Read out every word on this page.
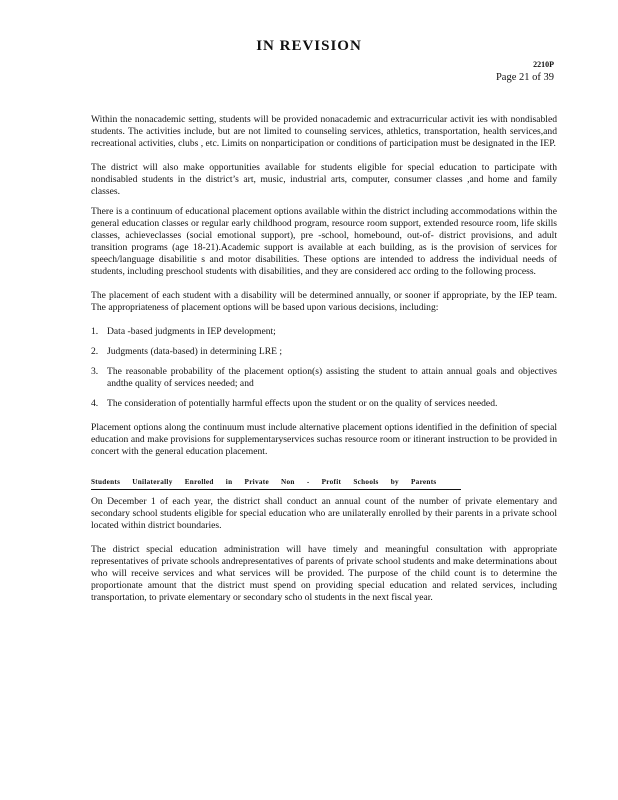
IN REVISION
2210P
Page 21 of 39

Within the nonacademic setting, students will be provided nonacademic and extracurricular activit ies with nondisabled students. The activities include, but are not limited to counseling services, athletics, transportation, health services,and recreational activities, clubs , etc. Limits on nonparticipation or conditions of participation must be designated in the IEP.

The district will also make opportunities available for students eligible for special education to participate with nondisabled students in the district’s art, music, industrial arts, computer, consumer classes ,and home and family classes.

There is a continuum of educational placement options available within the district including accommodations within the general education classes or regular early childhood program, resource room support, extended resource room, life skills classes, achieveclasses (social emotional support), pre -school, homebound, out-of- district provisions, and adult transition programs (age 18-21).Academic support is available at each building, as is the provision of services for speech/language disabilitie s and motor disabilities. These options are intended to address the individual needs of students, including preschool students with disabilities, and they are considered acc ording to the following process.

The placement of each student with a disability will be determined annually, or sooner if appropriate, by the IEP team. The appropriateness of placement options will be based upon various decisions, including:

1. Data -based judgments in IEP development;
2. Judgments (data-based) in determining LRE ;
3. The reasonable probability of the placement option(s) assisting the student to attain annual goals and objectives andthe quality of services needed; and
4. The consideration of potentially harmful effects upon the student or on the quality of services needed.

Placement options along the continuum must include alternative placement options identified in the definition of special education and make provisions for supplementaryservices suchas resource room or itinerant instruction to be provided in concert with the general education placement.

Students Unilaterally Enrolled in Private Non - Profit Schools by Parents

On December 1 of each year, the district shall conduct an annual count of the number of private elementary and secondary school students eligible for special education who are unilaterally enrolled by their parents in a private school located within district boundaries.

The district special education administration will have timely and meaningful consultation with appropriate representatives of private schools andrepresentatives of parents of private school students and make determinations about who will receive services and what services will be provided. The purpose of the child count is to determine the proportionate amount that the district must spend on providing special education and related services, including transportation, to private elementary or secondary scho ol students in the next fiscal year.
